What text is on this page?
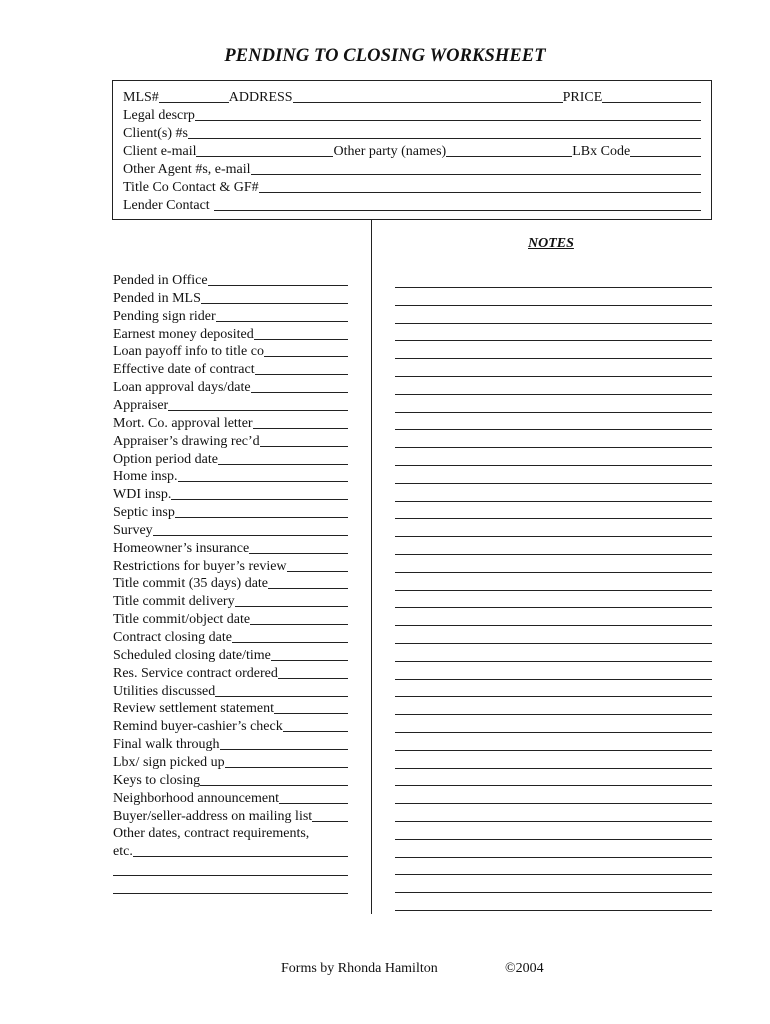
PENDING TO CLOSING WORKSHEET
MLS#	ADDRESS	PRICE
Legal descrp
Client(s) #s
Client e-mail	Other party (names)	LBx Code
Other Agent #s, e-mail
Title Co Contact & GF#
Lender Contact
NOTES
Pended in Office
Pended in MLS
Pending sign rider
Earnest money deposited
Loan payoff info to title co
Effective date of contract
Loan approval days/date
Appraiser
Mort. Co. approval letter
Appraiser’s drawing rec’d
Option period date
Home insp.
WDI insp.
Septic insp
Survey
Homeowner’s insurance
Restrictions for buyer’s review
Title commit (35 days) date
Title commit delivery
Title commit/object date
Contract closing date
Scheduled closing date/time
Res. Service contract ordered
Utilities discussed
Review settlement statement
Remind buyer-cashier’s check
Final walk through
Lbx/ sign picked up
Keys to closing
Neighborhood announcement
Buyer/seller-address on mailing list
Other dates, contract requirements,
etc.
Forms by Rhonda Hamilton	©2004
